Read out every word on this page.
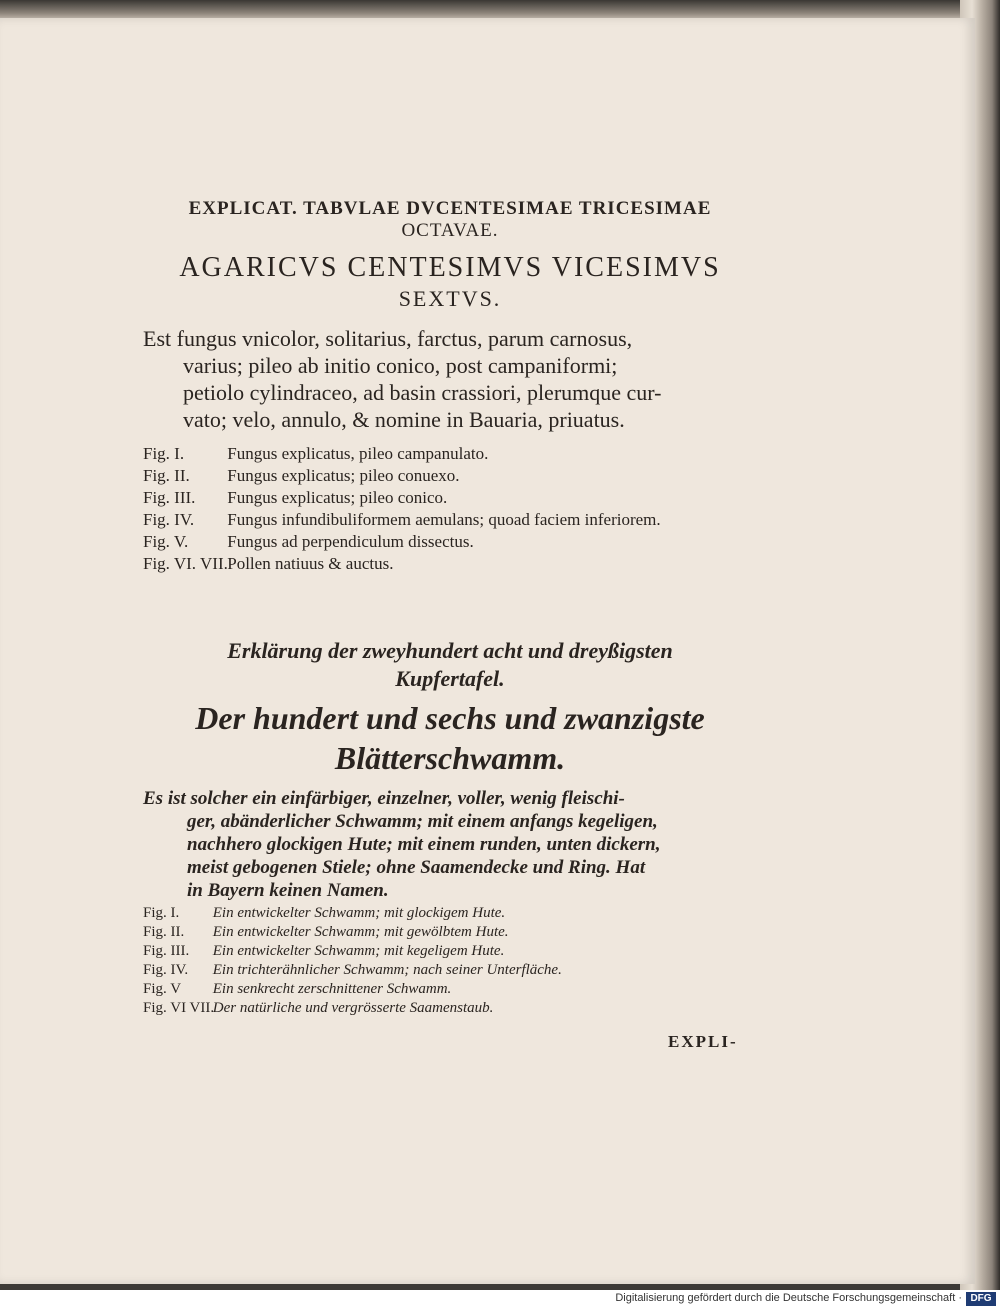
EXPLICAT. TABVLAE DVCENTESIMAE TRICESIMAE
OCTAVAE.
AGARICVS CENTESIMVS VICESIMVS
SEXTVS.
Est fungus vnicolor, solitarius, farctus, parum carnosus,
varius; pileo ab initio conico, post campaniformi;
petiolo cylindraceo, ad basin crassiori, plerumque cur-
vato; velo, annulo, & nomine in Bauaria, priuatus.
Fig. I.	Fungus explicatus, pileo campanulato.
Fig. II. Fungus explicatus; pileo conuexo.
Fig. III. Fungus explicatus; pileo conico.
Fig. IV. Fungus infundibuliformem aemulans; quoad faciem inferiorem.
Fig. V. Fungus ad perpendiculum dissectus.
Fig. VI. VII. Pollen natiuus & auctus.
Erklärung der zweyhundert acht und dreyßigsten
Kupfertafel.
Der hundert und sechs und zwanzigste
Blätterschwamm.
Es ist solcher ein einfärbiger, einzelner, voller, wenig fleischi-
ger, abänderlicher Schwamm; mit einem anfangs kegeligen,
nachhero glockigen Hute; mit einem runden, unten dickern,
meist gebogenen Stiele; ohne Saamendecke und Ring. Hat
in Bayern keinen Namen.
Fig. I. Ein entwickelter Schwamm; mit glockigem Hute.
Fig. II. Ein entwickelter Schwamm; mit gewölbtem Hute.
Fig. III. Ein entwickelter Schwamm; mit kegeligem Hute.
Fig. IV. Ein trichterähnlicher Schwamm; nach seiner Unterfläche.
Fig. V Ein senkrecht zerschnittener Schwamm.
Fig. VI VII. Der natürliche und vergrösserte Saamenstaub.
EXPLI-
Digitalisierung gefördert durch die Deutsche Forschungsgemeinschaft · DFG
